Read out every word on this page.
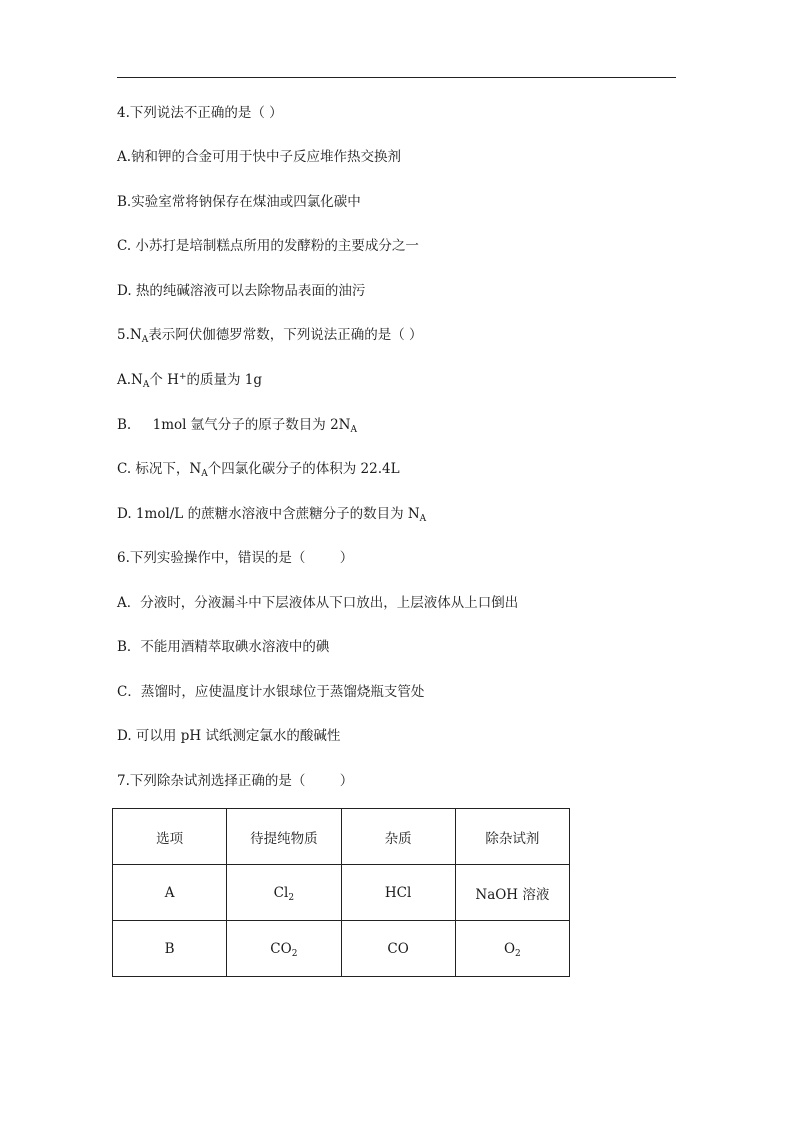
4.下列说法不正确的是（ ）
A.钠和钾的合金可用于快中子反应堆作热交换剂
B.实验室常将钠保存在煤油或四氯化碳中
C. 小苏打是培制糕点所用的发酵粉的主要成分之一
D. 热的纯碱溶液可以去除物品表面的油污
$5.N_A$表示阿伏伽德罗常数，下列说法正确的是（ ）
$A.N_A$个 H+的质量为 1g
B.     1mol 氩气分子的原子数目为 $2N_A$
C. 标况下，$N_A$个四氯化碳分子的体积为 22.4L
D. 1mol/L 的蔗糖水溶液中含蔗糖分子的数目为 $N_A$
6.下列实验操作中，错误的是（        ）
A．分液时，分液漏斗中下层液体从下口放出，上层液体从上口倒出
B．不能用酒精萃取碘水溶液中的碘
C．蒸馏时，应使温度计水银球位于蒸馏烧瓶支管处
D. 可以用 pH 试纸测定氯水的酸碱性
7.下列除杂试剂选择正确的是（        ）
选项	待提纯物质	杂质	除杂试剂
A	$Cl_2$	HCl	NaOH 溶液
B	$CO_2$	CO	$O_2$
